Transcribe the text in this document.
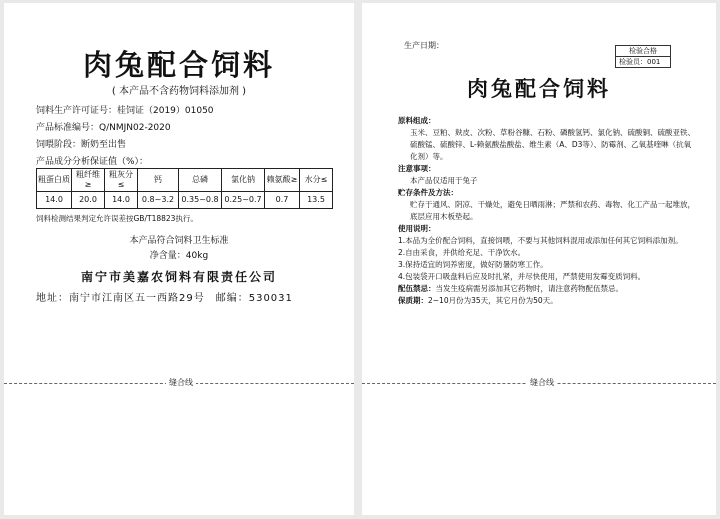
肉兔配合饲料
( 本产品不含药物饲料添加剂 )
饲料生产许可证号：桂饲证（2019）01050
产品标准编号：Q/NMJN02-2020
饲喂阶段：断奶至出售
产品成分分析保证值（%）：
粗蛋白质	粗纤维≥	粗灰分≤	钙	总磷	氯化钠	赖氨酸≥	水分≤
14.0	20.0	14.0	0.8~3.2	0.35~0.8	0.25~0.7	0.7	13.5
饲料检测结果判定允许误差按GB/T18823执行。
本产品符合饲料卫生标准
净含量：40kg
南宁市美嘉农饲料有限责任公司
地址：南宁市江南区五一西路29号　邮编：530031
缝合线
生产日期：
检验合格
检验员：001
肉兔配合饲料
原料组成：
玉米、豆粕、麸皮、次粉、草粉谷糠、石粉、磷酸氢钙、氯化钠、硫酸铜、硫酸亚铁、硫酸锰、硫酸锌、L-赖氨酸盐酸盐、维生素（A、D3等）、防霉剂、乙氧基喹啉（抗氧化剂）等。
注意事项：
本产品仅适用于兔子
贮存条件及方法：
贮存于通风、阴凉、干燥处，避免日晒雨淋；严禁和农药、毒物、化工产品一起堆放，底层应用木板垫起。
使用说明：
1.本品为全价配合饲料，直接饲喂，不要与其他饲料混用或添加任何其它饲料添加剂。
2.自由采食，并供给充足、干净饮水。
3.保持适宜的饲养密度，做好防暑防寒工作。
4.包装袋开口吸盘料后应及时扎紧，并尽快使用，严禁使用发霉变质饲料。
配伍禁忌：当发生疫病需另添加其它药物时，请注意药物配伍禁忌。
保质期：2~10月份为35天，其它月份为50天。
缝合线
